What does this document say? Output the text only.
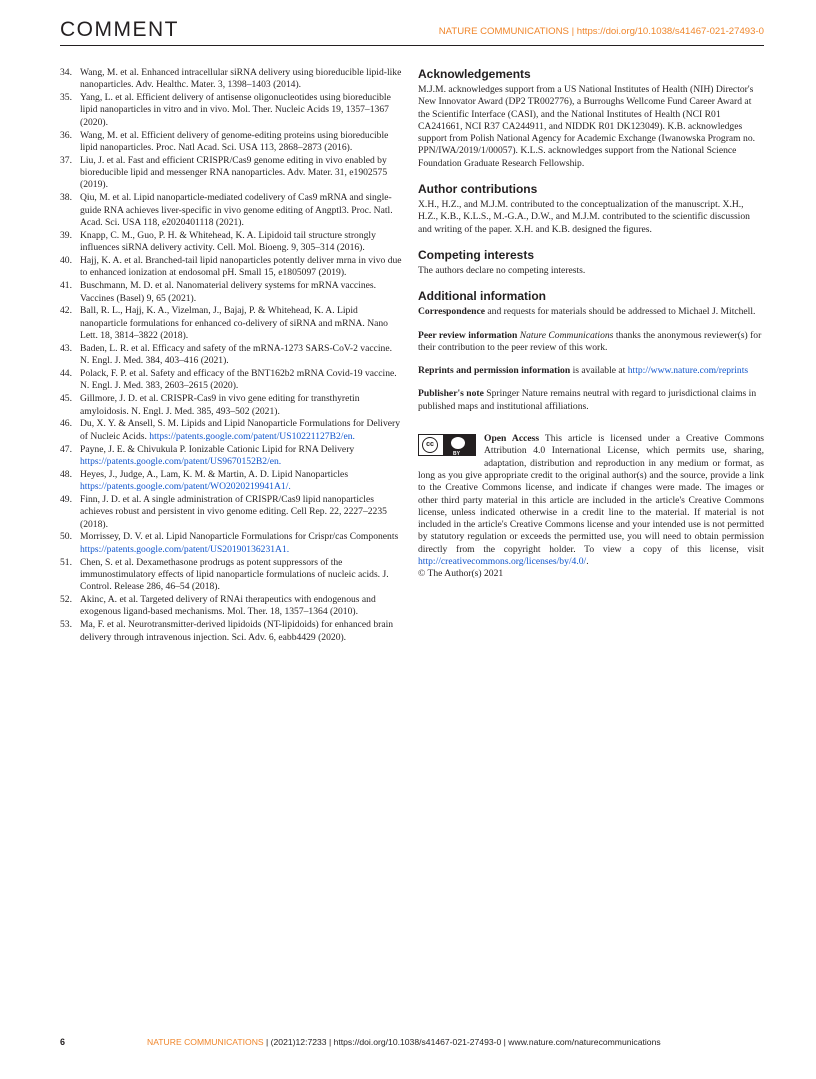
COMMENT	NATURE COMMUNICATIONS | https://doi.org/10.1038/s41467-021-27493-0
34. Wang, M. et al. Enhanced intracellular siRNA delivery using bioreducible lipid-like nanoparticles. Adv. Healthc. Mater. 3, 1398–1403 (2014).
35. Yang, L. et al. Efficient delivery of antisense oligonucleotides using bioreducible lipid nanoparticles in vitro and in vivo. Mol. Ther. Nucleic Acids 19, 1357–1367 (2020).
36. Wang, M. et al. Efficient delivery of genome-editing proteins using bioreducible lipid nanoparticles. Proc. Natl Acad. Sci. USA 113, 2868–2873 (2016).
37. Liu, J. et al. Fast and efficient CRISPR/Cas9 genome editing in vivo enabled by bioreducible lipid and messenger RNA nanoparticles. Adv. Mater. 31, e1902575 (2019).
38. Qiu, M. et al. Lipid nanoparticle-mediated codelivery of Cas9 mRNA and single-guide RNA achieves liver-specific in vivo genome editing of Angptl3. Proc. Natl. Acad. Sci. USA 118, e2020401118 (2021).
39. Knapp, C. M., Guo, P. H. & Whitehead, K. A. Lipidoid tail structure strongly influences siRNA delivery activity. Cell. Mol. Bioeng. 9, 305–314 (2016).
40. Hajj, K. A. et al. Branched-tail lipid nanoparticles potently deliver mrna in vivo due to enhanced ionization at endosomal pH. Small 15, e1805097 (2019).
41. Buschmann, M. D. et al. Nanomaterial delivery systems for mRNA vaccines. Vaccines (Basel) 9, 65 (2021).
42. Ball, R. L., Hajj, K. A., Vizelman, J., Bajaj, P. & Whitehead, K. A. Lipid nanoparticle formulations for enhanced co-delivery of siRNA and mRNA. Nano Lett. 18, 3814–3822 (2018).
43. Baden, L. R. et al. Efficacy and safety of the mRNA-1273 SARS-CoV-2 vaccine. N. Engl. J. Med. 384, 403–416 (2021).
44. Polack, F. P. et al. Safety and efficacy of the BNT162b2 mRNA Covid-19 vaccine. N. Engl. J. Med. 383, 2603–2615 (2020).
45. Gillmore, J. D. et al. CRISPR-Cas9 in vivo gene editing for transthyretin amyloidosis. N. Engl. J. Med. 385, 493–502 (2021).
46. Du, X. Y. & Ansell, S. M. Lipids and Lipid Nanoparticle Formulations for Delivery of Nucleic Acids. https://patents.google.com/patent/US10221127B2/en.
47. Payne, J. E. & Chivukula P. Ionizable Cationic Lipid for RNA Delivery https://patents.google.com/patent/US9670152B2/en.
48. Heyes, J., Judge, A., Lam, K. M. & Martin, A. D. Lipid Nanoparticles https://patents.google.com/patent/WO2020219941A1/.
49. Finn, J. D. et al. A single administration of CRISPR/Cas9 lipid nanoparticles achieves robust and persistent in vivo genome editing. Cell Rep. 22, 2227–2235 (2018).
50. Morrissey, D. V. et al. Lipid Nanoparticle Formulations for Crispr/cas Components https://patents.google.com/patent/US20190136231A1.
51. Chen, S. et al. Dexamethasone prodrugs as potent suppressors of the immunostimulatory effects of lipid nanoparticle formulations of nucleic acids. J. Control. Release 286, 46–54 (2018).
52. Akinc, A. et al. Targeted delivery of RNAi therapeutics with endogenous and exogenous ligand-based mechanisms. Mol. Ther. 18, 1357–1364 (2010).
53. Ma, F. et al. Neurotransmitter-derived lipidoids (NT-lipidoids) for enhanced brain delivery through intravenous injection. Sci. Adv. 6, eabb4429 (2020).
Acknowledgements

M.J.M. acknowledges support from a US National Institutes of Health (NIH) Director's New Innovator Award (DP2 TR002776), a Burroughs Wellcome Fund Career Award at the Scientific Interface (CASI), and the National Institutes of Health (NCI R01 CA241661, NCI R37 CA244911, and NIDDK R01 DK123049). K.B. acknowledges support from Polish National Agency for Academic Exchange (Iwanowska Program no. PPN/IWA/2019/1/00057). K.L.S. acknowledges support from the National Science Foundation Graduate Research Fellowship.

Author contributions

X.H., H.Z., and M.J.M. contributed to the conceptualization of the manuscript. X.H., H.Z., K.B., K.L.S., M.-G.A., D.W., and M.J.M. contributed to the scientific discussion and writing of the paper. X.H. and K.B. designed the figures.

Competing interests

The authors declare no competing interests.

Additional information

Correspondence and requests for materials should be addressed to Michael J. Mitchell.

Peer review information Nature Communications thanks the anonymous reviewer(s) for their contribution to the peer review of this work.

Reprints and permission information is available at http://www.nature.com/reprints

Publisher's note Springer Nature remains neutral with regard to jurisdictional claims in published maps and institutional affiliations.

cc
BY
Open Access This article is licensed under a Creative Commons Attribution 4.0 International License, which permits use, sharing, adaptation, distribution and reproduction in any medium or format, as long as you give appropriate credit to the original author(s) and the source, provide a link to the Creative Commons license, and indicate if changes were made. The images or other third party material in this article are included in the article's Creative Commons license, unless indicated otherwise in a credit line to the material. If material is not included in the article's Creative Commons license and your intended use is not permitted by statutory regulation or exceeds the permitted use, you will need to obtain permission directly from the copyright holder. To view a copy of this license, visit http://creativecommons.org/licenses/by/4.0/.

© The Author(s) 2021

6	NATURE COMMUNICATIONS | (2021)12:7233 | https://doi.org/10.1038/s41467-021-27493-0 | www.nature.com/naturecommunications
